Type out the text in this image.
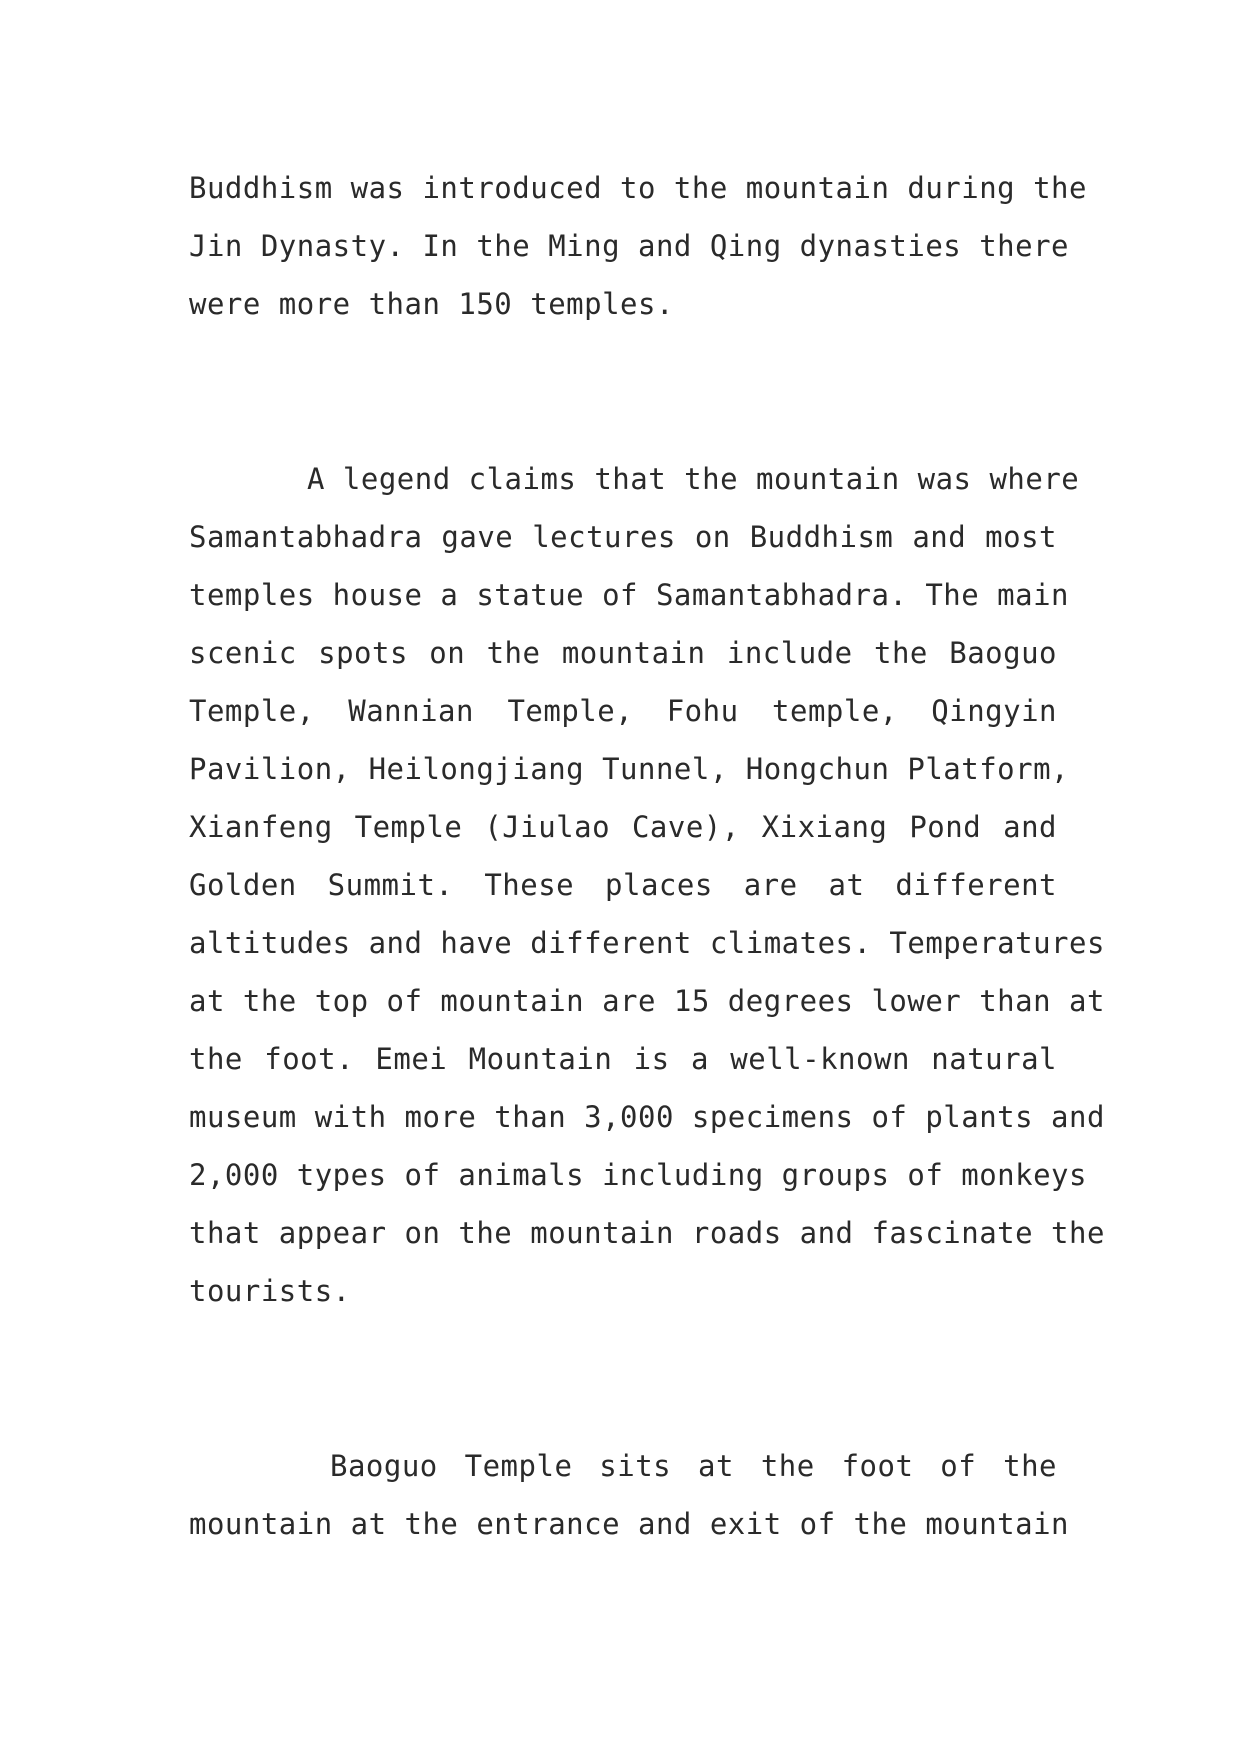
Buddhism was introduced to the mountain during the
Jin Dynasty. In the Ming and Qing dynasties there
were more than 150 temples.
A legend claims that the mountain was where
Samantabhadra gave lectures on Buddhism and most
temples house a statue of Samantabhadra. The main
scenic spots on the mountain include the Baoguo
Temple, Wannian Temple, Fohu temple, Qingyin
Pavilion, Heilongjiang Tunnel, Hongchun Platform,
Xianfeng Temple (Jiulao Cave), Xixiang Pond and
Golden Summit. These places are at different
altitudes and have different climates. Temperatures
at the top of mountain are 15 degrees lower than at
the foot. Emei Mountain is a well-known natural
museum with more than 3,000 specimens of plants and
2,000 types of animals including groups of monkeys
that appear on the mountain roads and fascinate the
tourists.
Baoguo Temple sits at the foot of the
mountain at the entrance and exit of the mountain
